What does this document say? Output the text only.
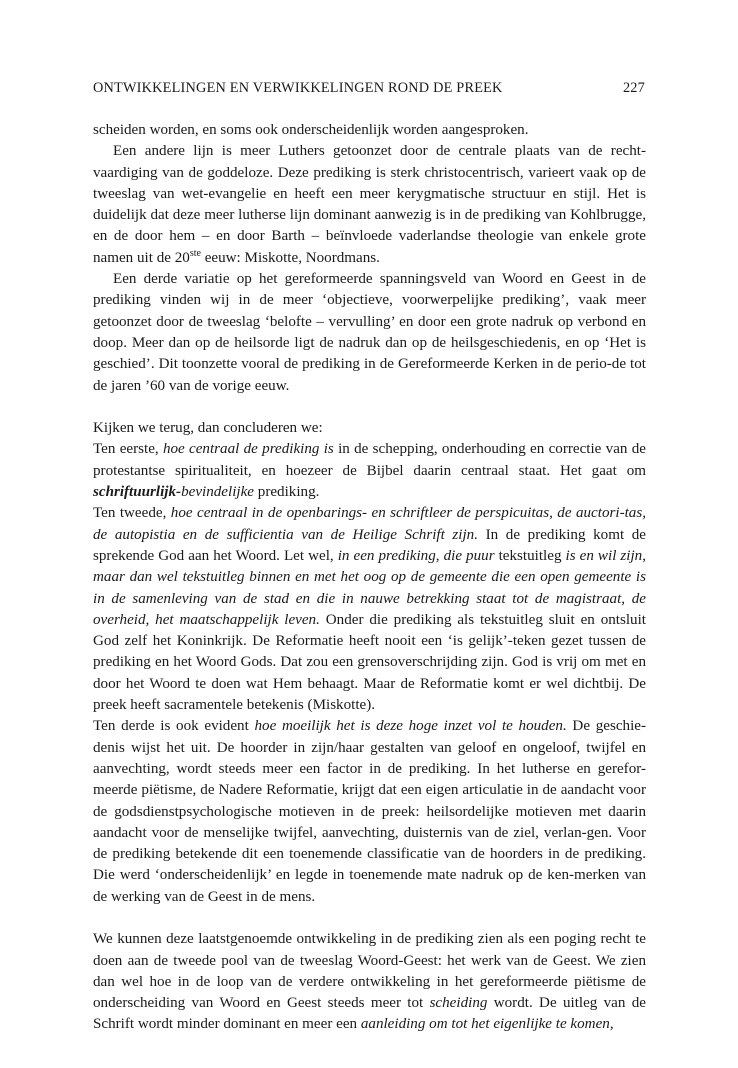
ONTWIKKELINGEN EN VERWIKKELINGEN ROND DE PREEK	227

scheiden worden, en soms ook onderscheidenlijk worden aangesproken.

Een andere lijn is meer Luthers getoonzet door de centrale plaats van de recht-vaardiging van de goddeloze. Deze prediking is sterk christocentrisch, varieert vaak op de tweeslag van wet-evangelie en heeft een meer kerygmatische structuur en stijl. Het is duidelijk dat deze meer lutherse lijn dominant aanwezig is in de prediking van Kohlbrugge, en de door hem – en door Barth – beïnvloede vaderlandse theologie van enkele grote namen uit de 20ste eeuw: Miskotte, Noordmans.

Een derde variatie op het gereformeerde spanningsveld van Woord en Geest in de prediking vinden wij in de meer ‘objectieve, voorwerpelijke prediking’, vaak meer getoonzet door de tweeslag ‘belofte – vervulling’ en door een grote nadruk op verbond en doop. Meer dan op de heilsorde ligt de nadruk dan op de heilsgeschiedenis, en op ‘Het is geschied’. Dit toonzette vooral de prediking in de Gereformeerde Kerken in de perio-de tot de jaren ’60 van de vorige eeuw.

Kijken we terug, dan concluderen we:

Ten eerste, hoe centraal de prediking is in de schepping, onderhouding en correctie van de protestantse spiritualiteit, en hoezeer de Bijbel daarin centraal staat. Het gaat om schriftuurlijk-bevindelijke prediking.

Ten tweede, hoe centraal in de openbarings- en schriftleer de perspicuitas, de auctori-tas, de autopistia en de sufficientia van de Heilige Schrift zijn. In de prediking komt de sprekende God aan het Woord. Let wel, in een prediking, die puur tekstuitleg is en wil zijn, maar dan wel tekstuitleg binnen en met het oog op de gemeente die een open gemeente is in de samenleving van de stad en die in nauwe betrekking staat tot de magistraat, de overheid, het maatschappelijk leven. Onder die prediking als tekstuitleg sluit en ontsluit God zelf het Koninkrijk. De Reformatie heeft nooit een ‘is gelijk’-teken gezet tussen de prediking en het Woord Gods. Dat zou een grensoverschrijding zijn. God is vrij om met en door het Woord te doen wat Hem behaagt. Maar de Reformatie komt er wel dichtbij. De preek heeft sacramentele betekenis (Miskotte).

Ten derde is ook evident hoe moeilijk het is deze hoge inzet vol te houden. De geschie-denis wijst het uit. De hoorder in zijn/haar gestalten van geloof en ongeloof, twijfel en aanvechting, wordt steeds meer een factor in de prediking. In het lutherse en gerefor-meerde piëtisme, de Nadere Reformatie, krijgt dat een eigen articulatie in de aandacht voor de godsdienstpsychologische motieven in de preek: heilsordelijke motieven met daarin aandacht voor de menselijke twijfel, aanvechting, duisternis van de ziel, verlan-gen. Voor de prediking betekende dit een toenemende classificatie van de hoorders in de prediking. Die werd ‘onderscheidenlijk’ en legde in toenemende mate nadruk op de ken-merken van de werking van de Geest in de mens.

We kunnen deze laatstgenoemde ontwikkeling in de prediking zien als een poging recht te doen aan de tweede pool van de tweeslag Woord-Geest: het werk van de Geest. We zien dan wel hoe in de loop van de verdere ontwikkeling in het gereformeerde piëtisme de onderscheiding van Woord en Geest steeds meer tot scheiding wordt. De uitleg van de Schrift wordt minder dominant en meer een aanleiding om tot het eigenlijke te komen,
